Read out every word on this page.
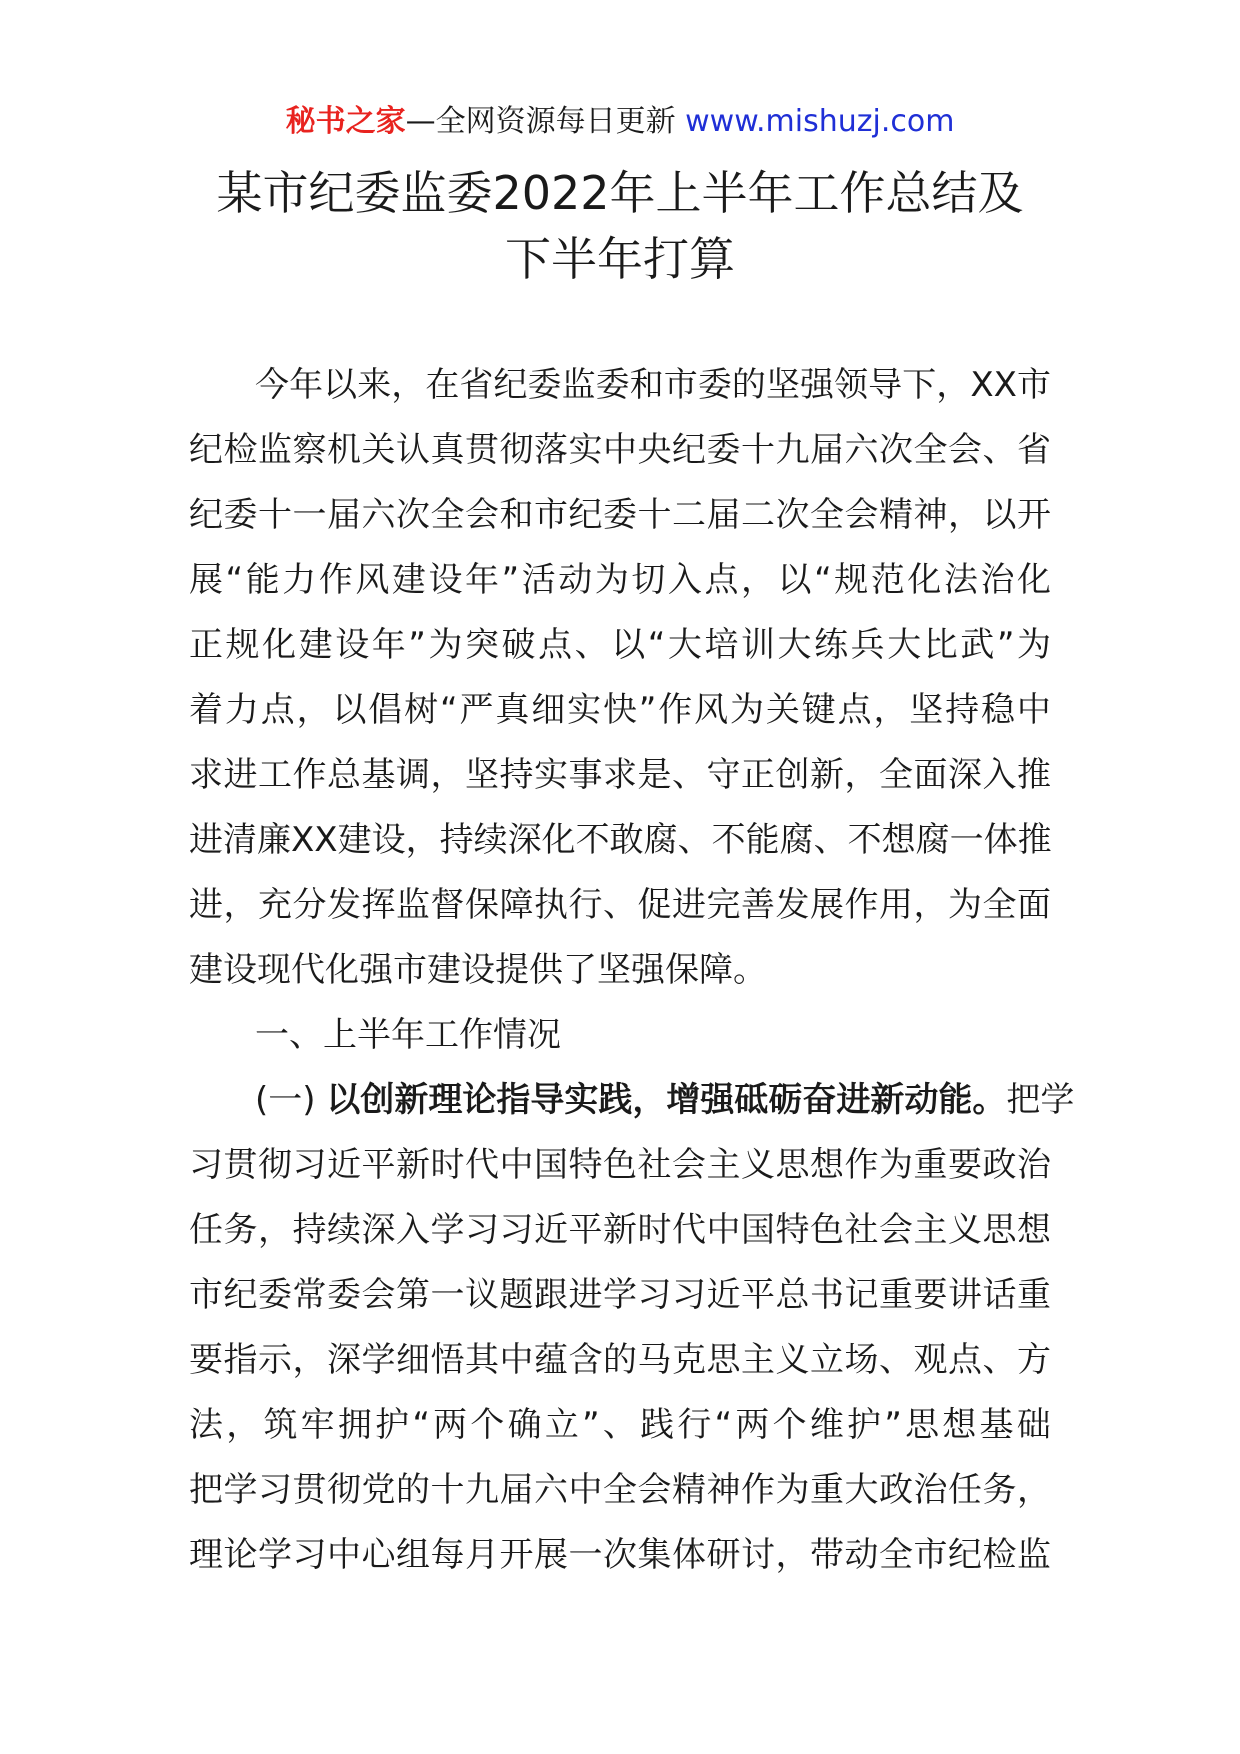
秘书之家—全网资源每日更新 www.mishuzj.com
某市纪委监委2022年上半年工作总结及
下半年打算
今 年 以 来 ， 在 省 纪 委 监 委 和 市 委 的 坚 强 领 导 下 ， XX 市
纪 检 监 察 机 关 认 真 贯 彻 落 实 中 央 纪 委 十 九 届 六 次 全 会 、 省
纪 委 十 一 届 六 次 全 会 和 市 纪 委 十 二 届 二 次 全 会 精 神 ， 以 开
展 “ 能 力 作 风 建 设 年 ” 活 动 为 切 入 点 ， 以 “ 规 范 化 法 治 化
正 规 化 建 设 年 ” 为 突 破 点 、 以 “ 大 培 训 大 练 兵 大 比 武 ” 为
着 力 点 ， 以 倡 树 “ 严 真 细 实 快 ” 作 风 为 关 键 点 ， 坚 持 稳 中
求 进 工 作 总 基 调 ， 坚 持 实 事 求 是 、 守 正 创 新 ， 全 面 深 入 推
进 清 廉 XX 建 设 ， 持 续 深 化 不 敢 腐 、 不 能 腐 、 不 想 腐 一 体 推
进 ， 充 分 发 挥 监 督 保 障 执 行 、 促 进 完 善 发 展 作 用 ， 为 全 面
建设现代化强市建设提供了坚强保障。
一、上半年工作情况
(一) 以创新理论指导实践，增强砥砺奋进新动能。 把学
习 贯 彻 习 近 平 新 时 代 中 国 特 色 社 会 主 义 思 想 作 为 重 要 政 治
任 务 ， 持 续 深 入 学 习 习 近 平 新 时 代 中 国 特 色 社 会 主 义 思 想
市 纪 委 常 委 会 第 一 议 题 跟 进 学 习 习 近 平 总 书 记 重 要 讲 话 重
要 指 示 ， 深 学 细 悟 其 中 蕴 含 的 马 克 思 主 义 立 场 、 观 点 、 方
法 ， 筑 牢 拥 护 “ 两 个 确 立 ” 、 践 行 “ 两 个 维 护 ” 思 想 基 础
把 学 习 贯 彻 党 的 十 九 届 六 中 全 会 精 神 作 为 重 大 政 治 任 务 ，
理 论 学 习 中 心 组 每 月 开 展 一 次 集 体 研 讨 ， 带 动 全 市 纪 检 监
